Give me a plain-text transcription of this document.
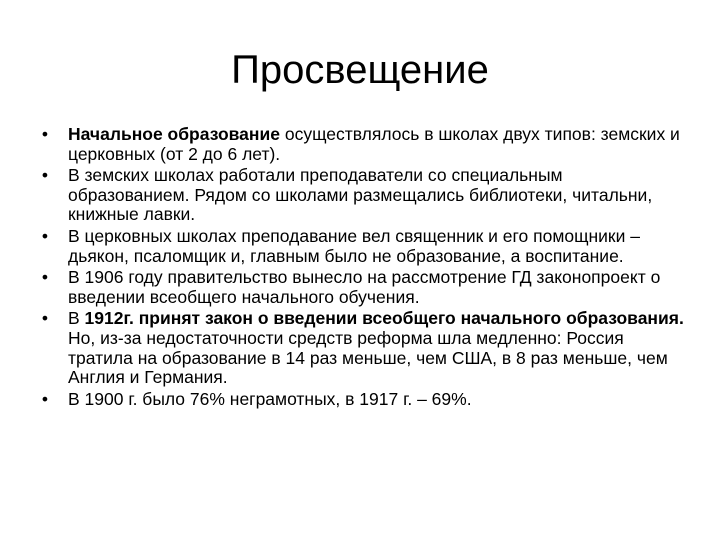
Просвещение
• Начальное образование осуществлялось в школах двух типов: земских и церковных (от 2 до 6 лет).
• В земских школах работали преподаватели со специальным образованием. Рядом со школами размещались библиотеки, читальни, книжные лавки.
• В церковных школах преподавание вел священник и его помощники – дьякон, псаломщик и, главным было не образование, а воспитание.
• В 1906 году правительство вынесло на рассмотрение ГД законопроект о введении всеобщего начального обучения.
• В 1912г. принят закон о введении всеобщего начального образования. Но, из-за недостаточности средств реформа шла медленно: Россия тратила на образование в 14 раз меньше, чем США, в 8 раз меньше, чем Англия и Германия.
• В 1900 г. было 76% неграмотных, в 1917 г. – 69%.
